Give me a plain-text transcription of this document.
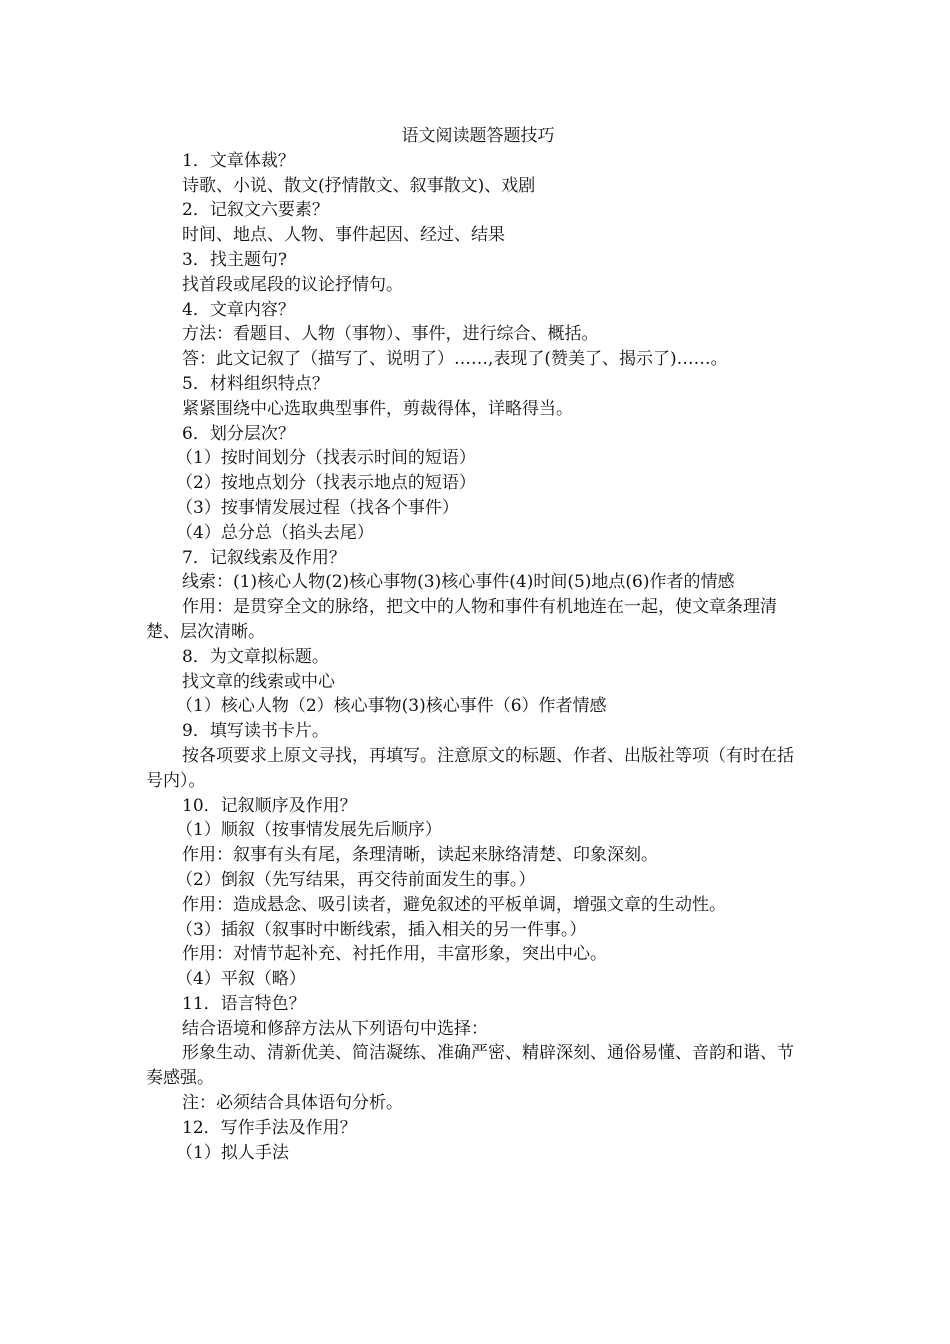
语文阅读题答题技巧

1．文章体裁？

诗歌、小说、散文(抒情散文、叙事散文)、戏剧

2．记叙文六要素？

时间、地点、人物、事件起因、经过、结果

3．找主题句?

找首段或尾段的议论抒情句。

4．文章内容？

方法：看题目、人物（事物）、事件，进行综合、概括。

答：此文记叙了（描写了、说明了）……,表现了(赞美了、揭示了)……。

5．材料组织特点？

紧紧围绕中心选取典型事件，剪裁得体，详略得当。

6．划分层次？

（1）按时间划分（找表示时间的短语）

（2）按地点划分（找表示地点的短语）

（3）按事情发展过程（找各个事件）

（4）总分总（掐头去尾）

7．记叙线索及作用？

线索：(1)核心人物(2)核心事物(3)核心事件(4)时间(5)地点(6)作者的情感

作用：是贯穿全文的脉络，把文中的人物和事件有机地连在一起，使文章条理清楚、层次清晰。

8．为文章拟标题。

找文章的线索或中心

（1）核心人物（2）核心事物(3)核心事件（6）作者情感

9．填写读书卡片。

按各项要求上原文寻找，再填写。注意原文的标题、作者、出版社等项（有时在括号内）。

10．记叙顺序及作用？

（1）顺叙（按事情发展先后顺序）

作用：叙事有头有尾，条理清晰，读起来脉络清楚、印象深刻。

（2）倒叙（先写结果，再交待前面发生的事。）

作用：造成悬念、吸引读者，避免叙述的平板单调，增强文章的生动性。

（3）插叙（叙事时中断线索，插入相关的另一件事。）

作用：对情节起补充、衬托作用，丰富形象，突出中心。

（4）平叙（略）

11．语言特色？

结合语境和修辞方法从下列语句中选择：

形象生动、清新优美、简洁凝练、准确严密、精辟深刻、通俗易懂、音韵和谐、节奏感强。

注：必须结合具体语句分析。

12．写作手法及作用？

（1）拟人手法
